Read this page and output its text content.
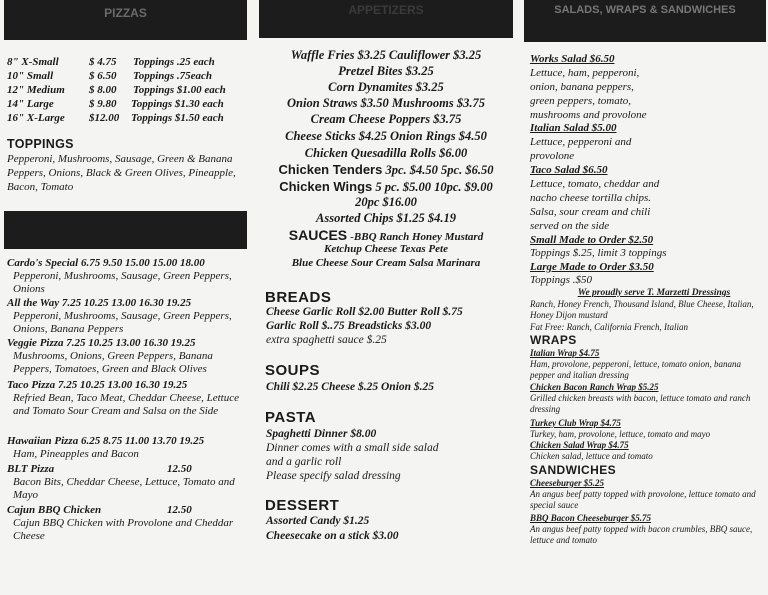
PIZZAS
8" X-Small	$ 4.75 Toppings .25 each
10" Small	$ 6.50 Toppings .75each
12" Medium $ 8.00 Toppings $1.00 each
14" Large	$ 9.80 Toppings $1.30 each
16" X-Large $12.00 Toppings $1.50 each
TOPPINGS
Pepperoni, Mushrooms, Sausage, Green & Banana Peppers, Onions, Black & Green Olives, Pineapple, Bacon, Tomato
SPECIALTY PIZZAS
Cardo's Special 6.75 9.50 15.00 15.00 18.00
Pepperoni, Mushrooms, Sausage, Green Peppers, Onions
All the Way 7.25 10.25 13.00 16.30 19.25
Pepperoni, Mushrooms, Sausage, Green Peppers, Onions, Banana Peppers
Veggie Pizza 7.25 10.25 13.00 16.30 19.25
Mushrooms, Onions, Green Peppers, Banana Peppers, Tomatoes, Green and Black Olives
Taco Pizza 7.25 10.25 13.00 16.30 19.25
Refried Bean, Taco Meat, Cheddar Cheese, Lettuce and Tomato Sour Cream and Salsa on the Side
Hawaiian Pizza 6.25 8.75 11.00 13.70 19.25
Ham, Pineapples and Bacon
BLT Pizza	12.50
Bacon Bits, Cheddar Cheese, Lettuce, Tomato and Mayo
Cajun BBQ Chicken	12.50
Cajun BBQ Chicken with Provolone and Cheddar Cheese
APPETIZERS
Waffle Fries $3.25 Cauliflower $3.25
Pretzel Bites $3.25
Corn Dynamites $3.25
Onion Straws $3.50 Mushrooms $3.75
Cream Cheese Poppers $3.75
Cheese Sticks $4.25 Onion Rings $4.50
Chicken Quesadilla Rolls $6.00
Chicken Tenders 3pc. $4.50 5pc. $6.50
Chicken Wings 5 pc. $5.00 10pc. $9.00
20pc $16.00
Assorted Chips $1.25 $4.19
SAUCES -BBQ Ranch Honey Mustard
Ketchup Cheese Texas Pete
Blue Cheese Sour Cream Salsa Marinara
BREADS
Cheese Garlic Roll $2.00 Butter Roll $.75
Garlic Roll $..75 Breadsticks $3.00
extra spaghetti sauce $.25
SOUPS
Chili $2.25 Cheese $.25 Onion $.25
PASTA
Spaghetti Dinner $8.00
Dinner comes with a small side salad
and a garlic roll
Please specify salad dressing
DESSERT
Assorted Candy $1.25
Cheesecake on a stick $3.00
SALADS, WRAPS & SANDWICHES
Works Salad $6.50
Lettuce, ham, pepperoni, onion, banana peppers, green peppers, tomato, mushrooms and provolone
Italian Salad $5.00
Lettuce, pepperoni and provolone
Taco Salad $6.50
Lettuce, tomato, cheddar and nacho cheese tortilla chips. Salsa, sour cream and chili served on the side
Small Made to Order $2.50
Toppings $.25, limit 3 toppings
Large Made to Order $3.50
Toppings .$50
We proudly serve T. Marzetti Dressings
Ranch, Honey French, Thousand Island, Blue Cheese, Italian, Honey Dijon mustard
Fat Free: Ranch, California French, Italian
WRAPS
Italian Wrap $4.75
Ham, provolone, pepperoni, lettuce, tomato onion, banana pepper and italian dressing
Chicken Bacon Ranch Wrap $5.25
Grilled chicken breasts with bacon, lettuce tomato and ranch dressing
Turkey Club Wrap $4.75
Turkey, ham, provolone, lettuce, tomato and mayo
Chicken Salad Wrap $4.75
Chicken salad, lettuce and tomato
SANDWICHES
Cheeseburger $5.25
An angus beef patty topped with provolone, lettuce tomato and special sauce
BBQ Bacon Cheeseburger $5.75
An angus beef patty topped with bacon crumbles, BBQ sauce, lettuce and tomato
